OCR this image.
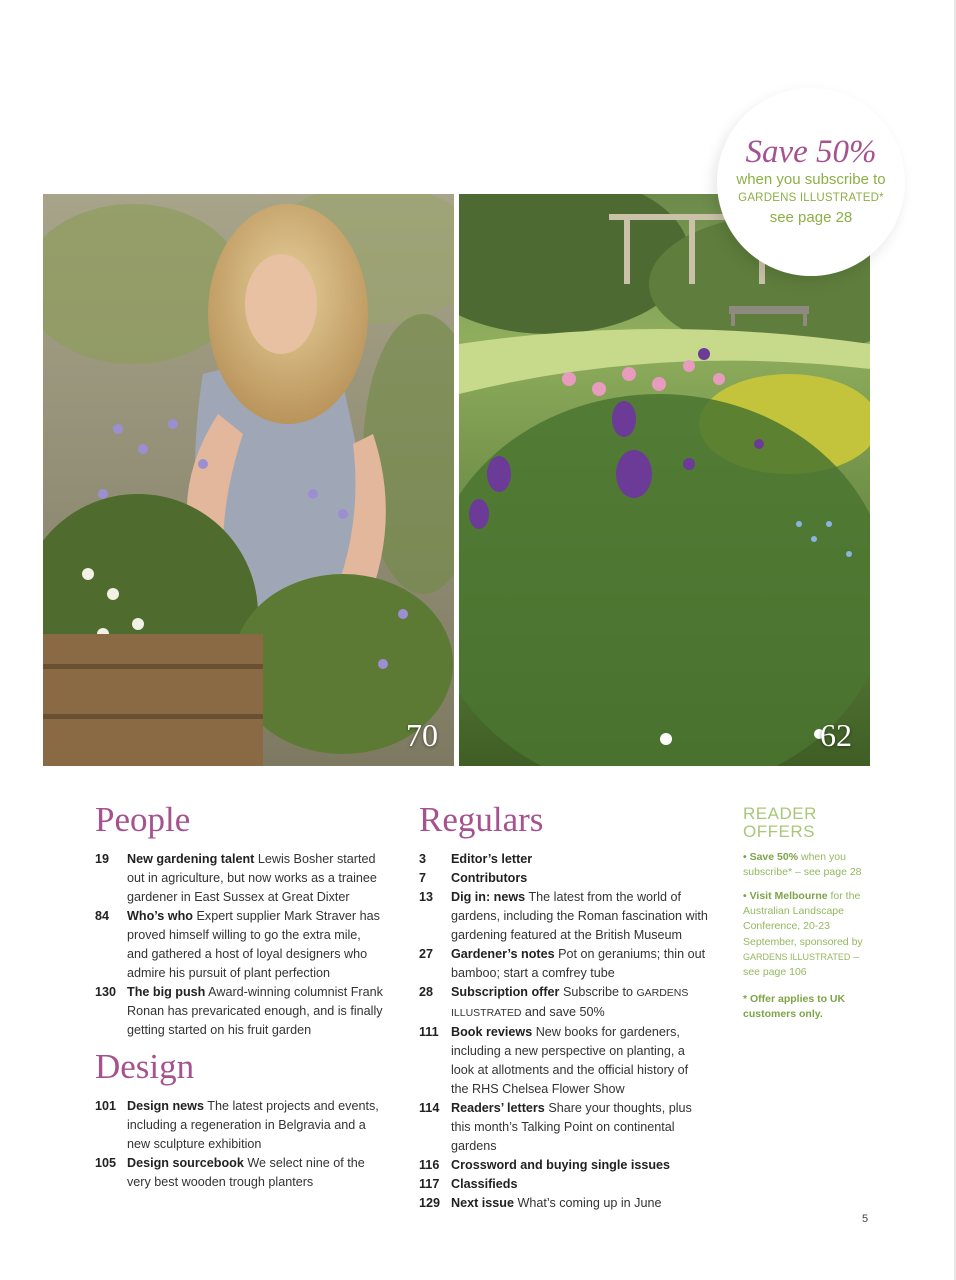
70	62
Save 50%
when you subscribe to
GARDENS ILLUSTRATED*
see page 28
People
19	New gardening talent Lewis Bosher started out in agriculture, but now works as a trainee gardener in East Sussex at Great Dixter
84	Who’s who Expert supplier Mark Straver has proved himself willing to go the extra mile, and gathered a host of loyal designers who admire his pursuit of plant perfection
130 The big push Award-winning columnist Frank Ronan has prevaricated enough, and is finally getting started on his fruit garden
Design
101 Design news The latest projects and events, including a regeneration in Belgravia and a new sculpture exhibition
105 Design sourcebook We select nine of the very best wooden trough planters
Regulars
3	Editor’s letter
7	Contributors
13	Dig in: news The latest from the world of gardens, including the Roman fascination with gardening featured at the British Museum
27	Gardener’s notes Pot on geraniums; thin out bamboo; start a comfrey tube
28	Subscription offer Subscribe to GARDENS ILLUSTRATED and save 50%
111 Book reviews New books for gardeners, including a new perspective on planting, a look at allotments and the official history of the RHS Chelsea Flower Show
114 Readers’ letters Share your thoughts, plus this month’s Talking Point on continental gardens
116 Crossword and buying single issues
117 Classifieds
129 Next issue What’s coming up in June
READER
OFFERS
• Save 50% when you subscribe* – see page 28
• Visit Melbourne for the Australian Landscape Conference, 20-23 September, sponsored by GARDENS ILLUSTRATED – see page 106
* Offer applies to UK customers only.
5
